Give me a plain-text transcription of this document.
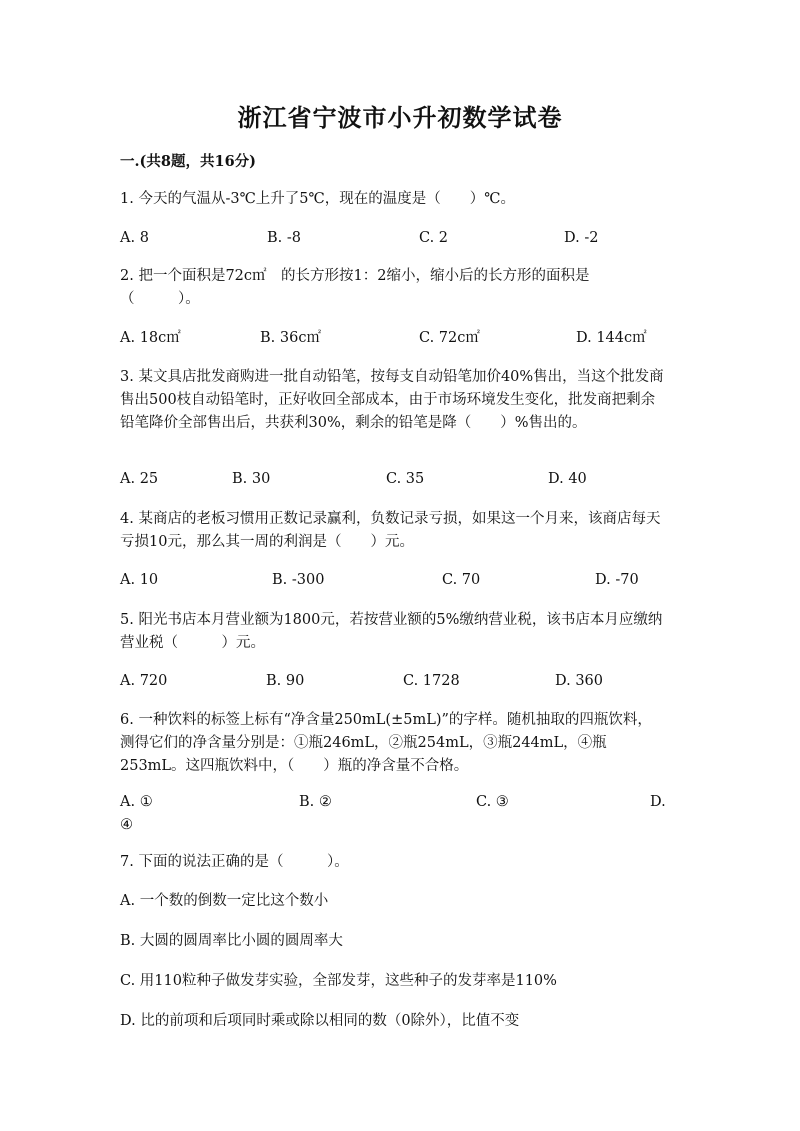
浙江省宁波市小升初数学试卷
一.(共8题，共16分)
1. 今天的气温从-3℃上升了5℃，现在的温度是（　　）℃。
A. 8	B. -8	C. 2	D. -2
2. 把一个面积是72c㎡　的长方形按1：2缩小，缩小后的长方形的面积是（　　　）。
A. 18c㎡	B. 36c㎡	C. 72c㎡	D. 144c㎡
3. 某文具店批发商购进一批自动铅笔，按每支自动铅笔加价40%售出，当这个批发商售出500枝自动铅笔时，正好收回全部成本，由于市场环境发生变化，批发商把剩余铅笔降价全部售出后，共获利30%，剩余的铅笔是降（　　）%售出的。
A. 25	B. 30	C. 35	D. 40
4. 某商店的老板习惯用正数记录赢利，负数记录亏损，如果这一个月来，该商店每天亏损10元，那么其一周的利润是（　　）元。
A. 10	B. -300	C. 70	D. -70
5. 阳光书店本月营业额为1800元，若按营业额的5%缴纳营业税，该书店本月应缴纳营业税（　　　）元。
A. 720	B. 90	C. 1728	D. 360
6. 一种饮料的标签上标有“净含量250mL(±5mL)”的字样。随机抽取的四瓶饮料，测得它们的净含量分别是：①瓶246mL，②瓶254mL，③瓶244mL，④瓶253mL。这四瓶饮料中，（　　）瓶的净含量不合格。
A. ①	B. ②	C. ③	D.
④
7. 下面的说法正确的是（　　　）。
A. 一个数的倒数一定比这个数小
B. 大圆的圆周率比小圆的圆周率大
C. 用110粒种子做发芽实验，全部发芽，这些种子的发芽率是110%
D. 比的前项和后项同时乘或除以相同的数（0除外），比值不变
